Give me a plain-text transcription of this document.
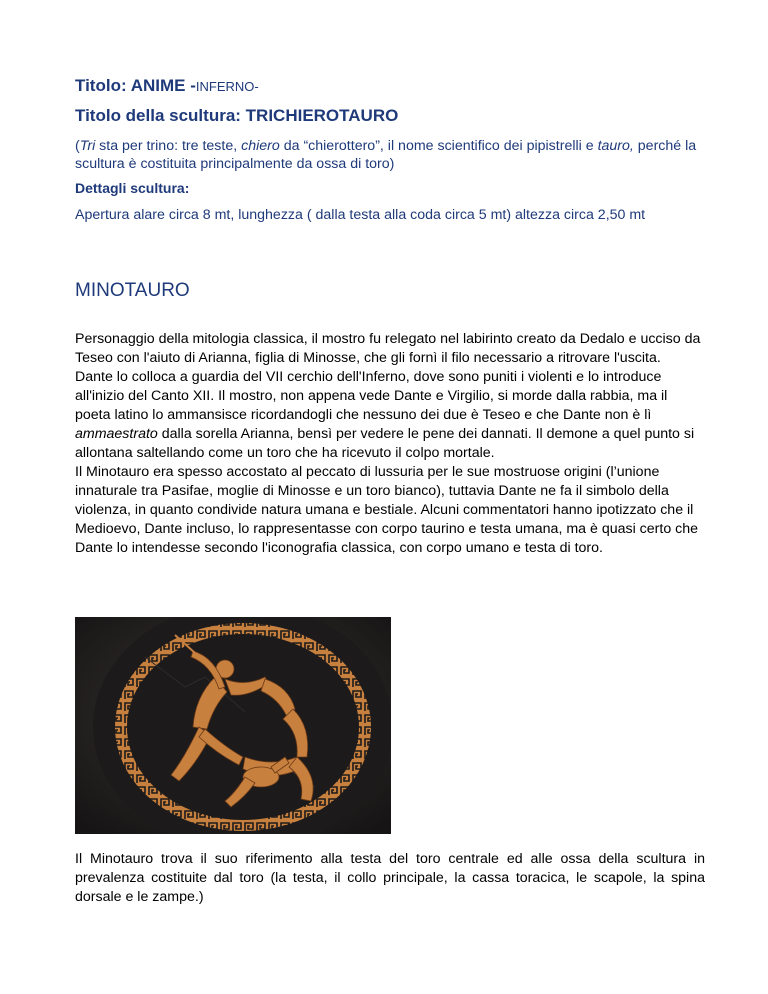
Titolo: ANIME -INFERNO-
Titolo della scultura: TRICHIEROTAURO
(Tri sta per trino: tre teste, chiero da “chierottero”, il nome scientifico dei pipistrelli e tauro, perché la scultura è costituita principalmente da ossa di toro)
Dettagli scultura:
Apertura alare circa 8 mt, lunghezza ( dalla testa alla coda circa 5 mt) altezza circa 2,50 mt
MINOTAURO

Personaggio della mitologia classica, il mostro fu relegato nel labirinto creato da Dedalo e ucciso da Teseo con l'aiuto di Arianna, figlia di Minosse, che gli fornì il filo necessario a ritrovare l'uscita.

Dante lo colloca a guardia del VII cerchio dell'Inferno, dove sono puniti i violenti e lo introduce all'inizio del Canto XII. Il mostro, non appena vede Dante e Virgilio, si morde dalla rabbia, ma il poeta latino lo ammansisce ricordandogli che nessuno dei due è Teseo e che Dante non è lì ammaestrato dalla sorella Arianna, bensì per vedere le pene dei dannati. Il demone a quel punto si allontana saltellando come un toro che ha ricevuto il colpo mortale.

Il Minotauro era spesso accostato al peccato di lussuria per le sue mostruose origini (l’unione innaturale tra Pasifae, moglie di Minosse e un toro bianco), tuttavia Dante ne fa il simbolo della violenza, in quanto condivide natura umana e bestiale. Alcuni commentatori hanno ipotizzato che il Medioevo, Dante incluso, lo rappresentasse con corpo taurino e testa umana, ma è quasi certo che Dante lo intendesse secondo l'iconografia classica, con corpo umano e testa di toro.

Il Minotauro trova il suo riferimento alla testa del toro centrale ed alle ossa della scultura in prevalenza costituite dal toro (la testa, il collo principale, la cassa toracica, le scapole, la spina dorsale e le zampe.)
